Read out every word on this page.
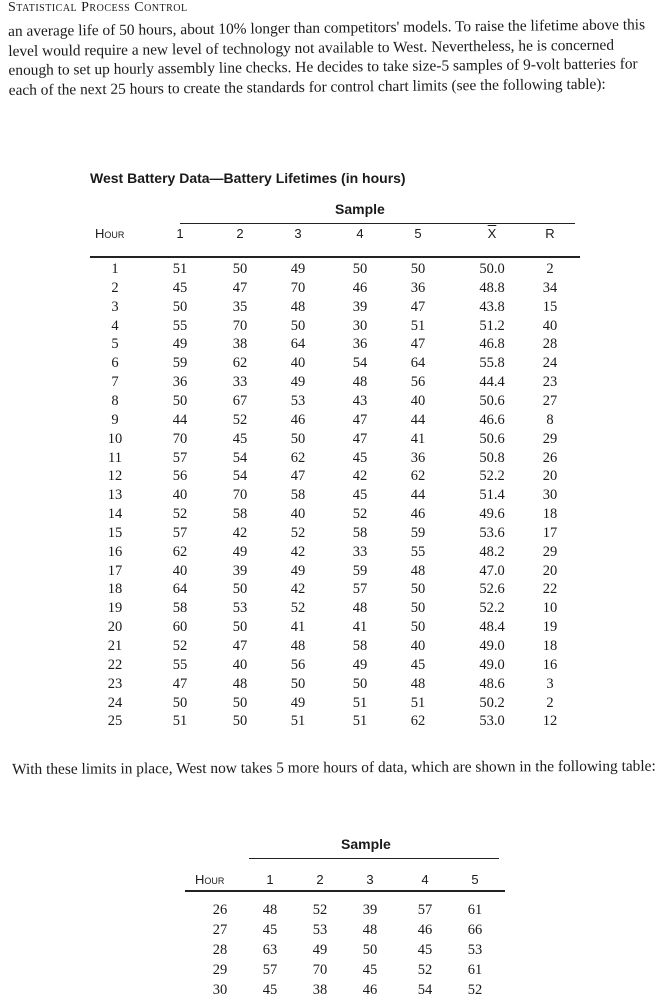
Statistical Process Control
an average life of 50 hours, about 10% longer than competitors' models. To raise the lifetime above this level would require a new level of technology not available to West. Nevertheless, he is concerned enough to set up hourly assembly line checks. He decides to take size-5 samples of 9-volt batteries for each of the next 25 hours to create the standards for control chart limits (see the following table):
West Battery Data—Battery Lifetimes (in hours)
Sample
Hour	1	2	3	4	5	$\overline{X}$	R
1	51	50	49	50	50	50.0	2
2	45	47	70	46	36	48.8	34
3	50	35	48	39	47	43.8	15
4	55	70	50	30	51	51.2	40
5	49	38	64	36	47	46.8	28
6	59	62	40	54	64	55.8	24
7	36	33	49	48	56	44.4	23
8	50	67	53	43	40	50.6	27
9	44	52	46	47	44	46.6	8
10	70	45	50	47	41	50.6	29
11	57	54	62	45	36	50.8	26
12	56	54	47	42	62	52.2	20
13	40	70	58	45	44	51.4	30
14	52	58	40	52	46	49.6	18
15	57	42	52	58	59	53.6	17
16	62	49	42	33	55	48.2	29
17	40	39	49	59	48	47.0	20
18	64	50	42	57	50	52.6	22
19	58	53	52	48	50	52.2	10
20	60	50	41	41	50	48.4	19
21	52	47	48	58	40	49.0	18
22	55	40	56	49	45	49.0	16
23	47	48	50	50	48	48.6	3
24	50	50	49	51	51	50.2	2
25	51	50	51	51	62	53.0	12
With these limits in place, West now takes 5 more hours of data, which are shown in the following table:
Sample
Hour	1	2	3	4	5
26	48	52	39	57	61
27	45	53	48	46	66
28	63	49	50	45	53
29	57	70	45	52	61
30	45	38	46	54	52
